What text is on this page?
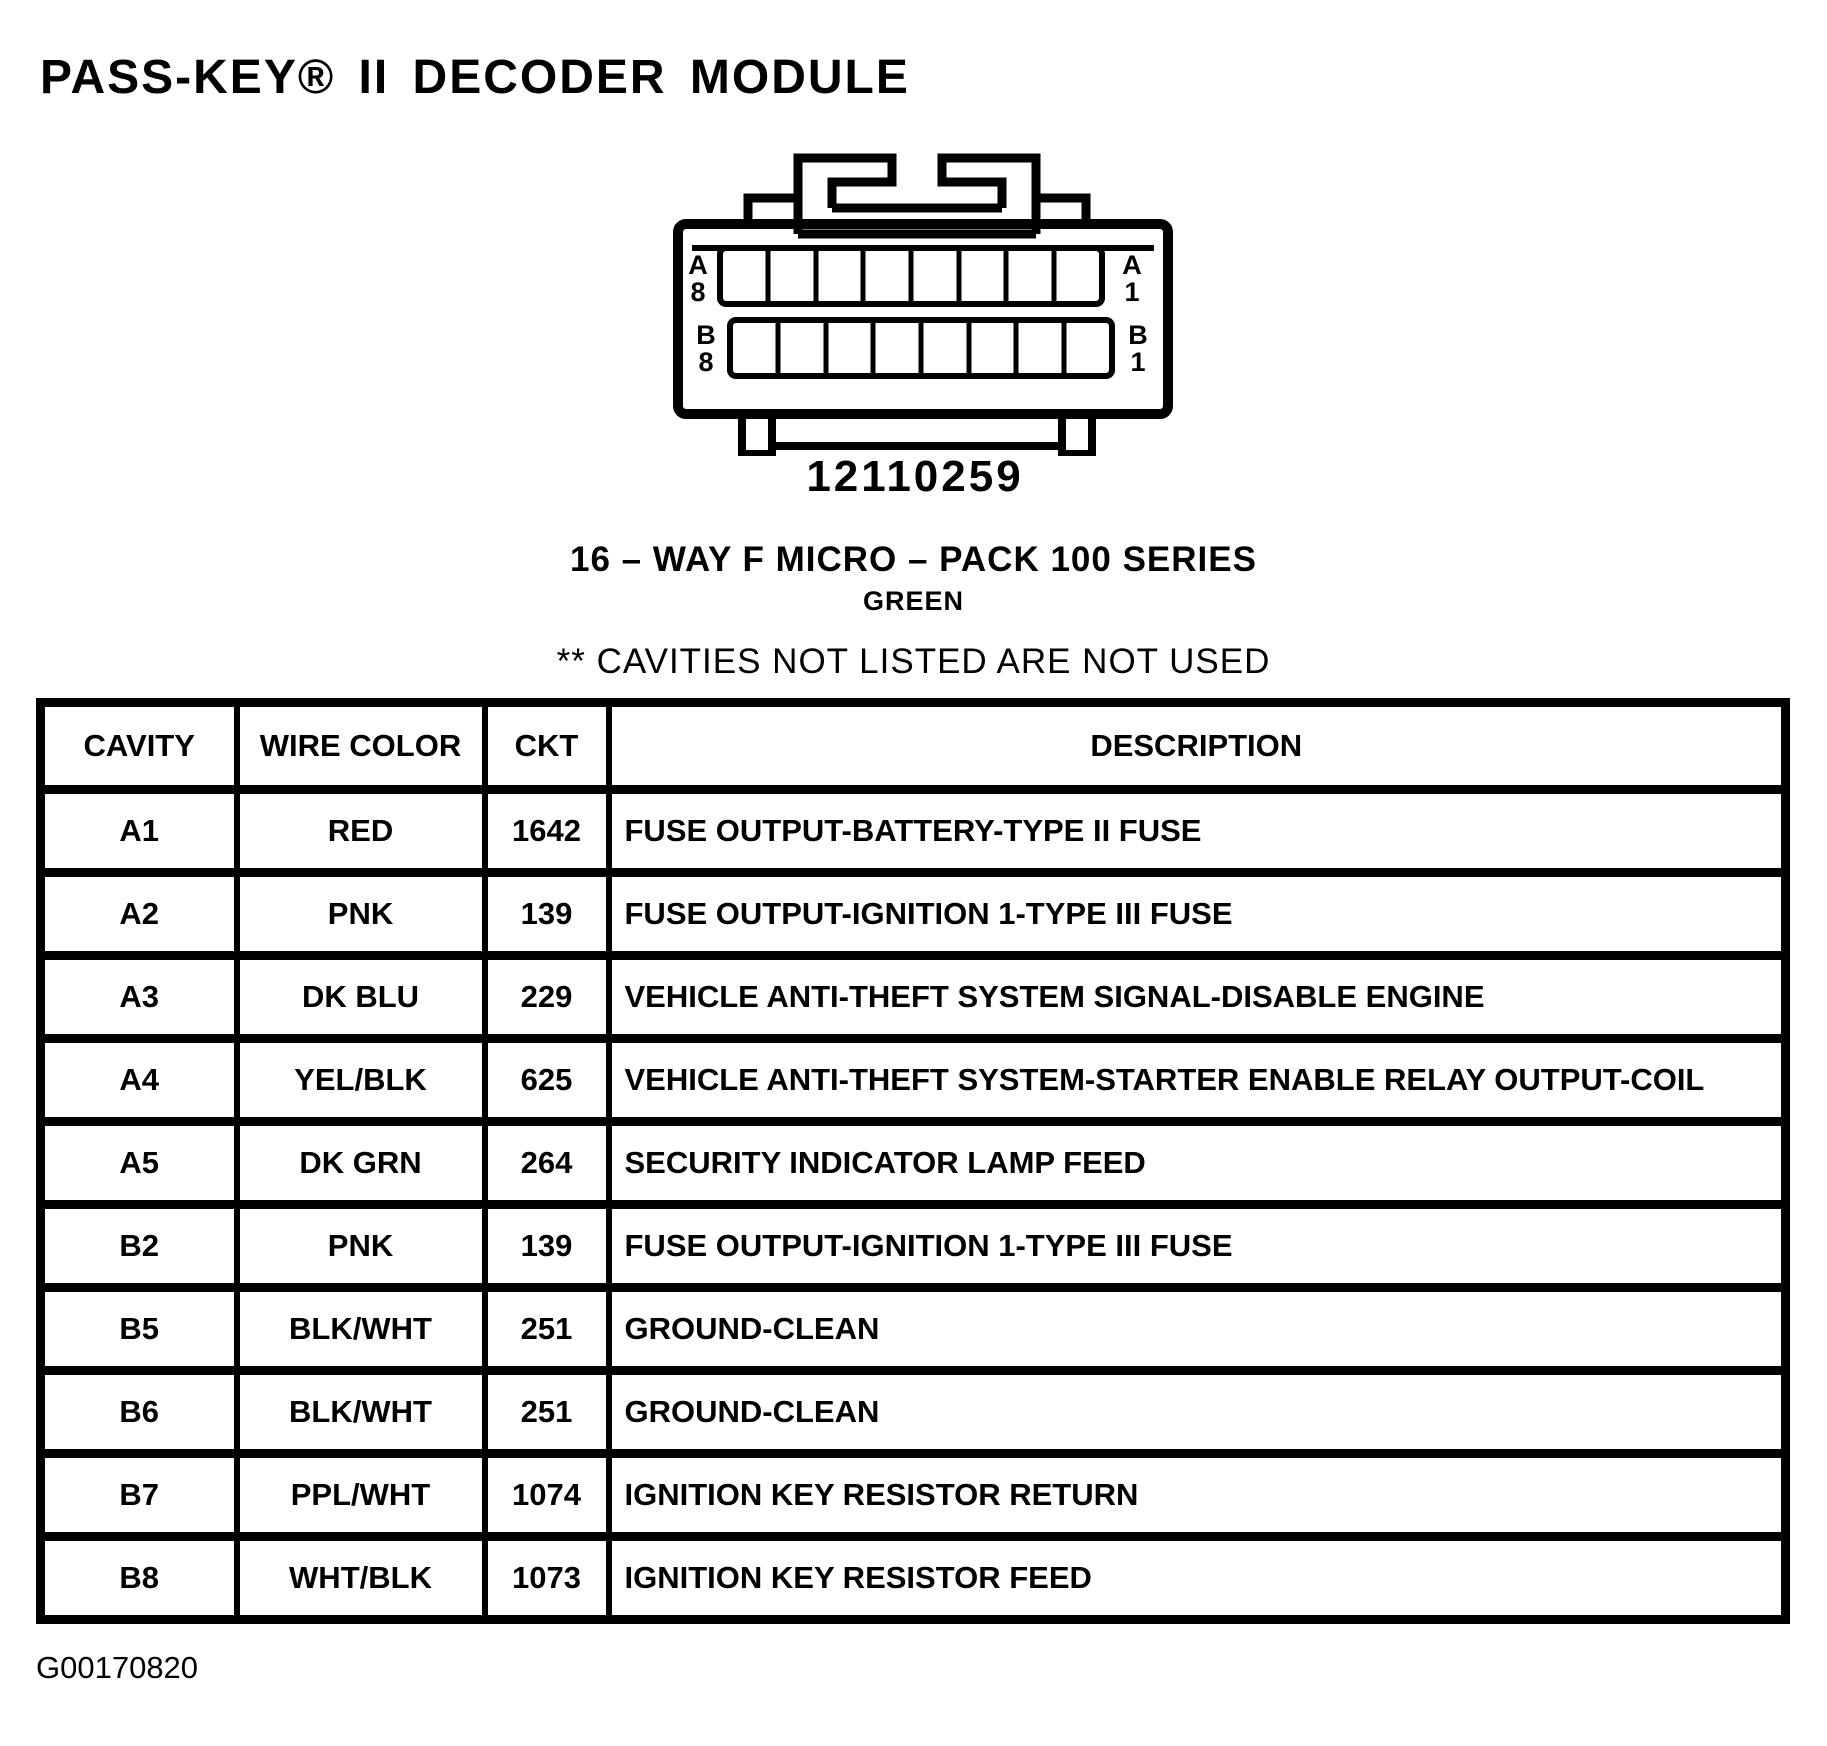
PASS-KEY® II DECODER MODULE
A 8
A 1
B 8
B 1
12110259
16 – WAY F MICRO – PACK 100 SERIES
GREEN
** CAVITIES NOT LISTED ARE NOT USED
CAVITY	WIRE COLOR	CKT	DESCRIPTION
A1	RED	1642	FUSE OUTPUT-BATTERY-TYPE II FUSE
A2	PNK	139	FUSE OUTPUT-IGNITION 1-TYPE III FUSE
A3	DK BLU	229	VEHICLE ANTI-THEFT SYSTEM SIGNAL-DISABLE ENGINE
A4	YEL/BLK	625	VEHICLE ANTI-THEFT SYSTEM-STARTER ENABLE RELAY OUTPUT-COIL
A5	DK GRN	264	SECURITY INDICATOR LAMP FEED
B2	PNK	139	FUSE OUTPUT-IGNITION 1-TYPE III FUSE
B5	BLK/WHT	251	GROUND-CLEAN
B6	BLK/WHT	251	GROUND-CLEAN
B7	PPL/WHT	1074	IGNITION KEY RESISTOR RETURN
B8	WHT/BLK	1073	IGNITION KEY RESISTOR FEED
G00170820
